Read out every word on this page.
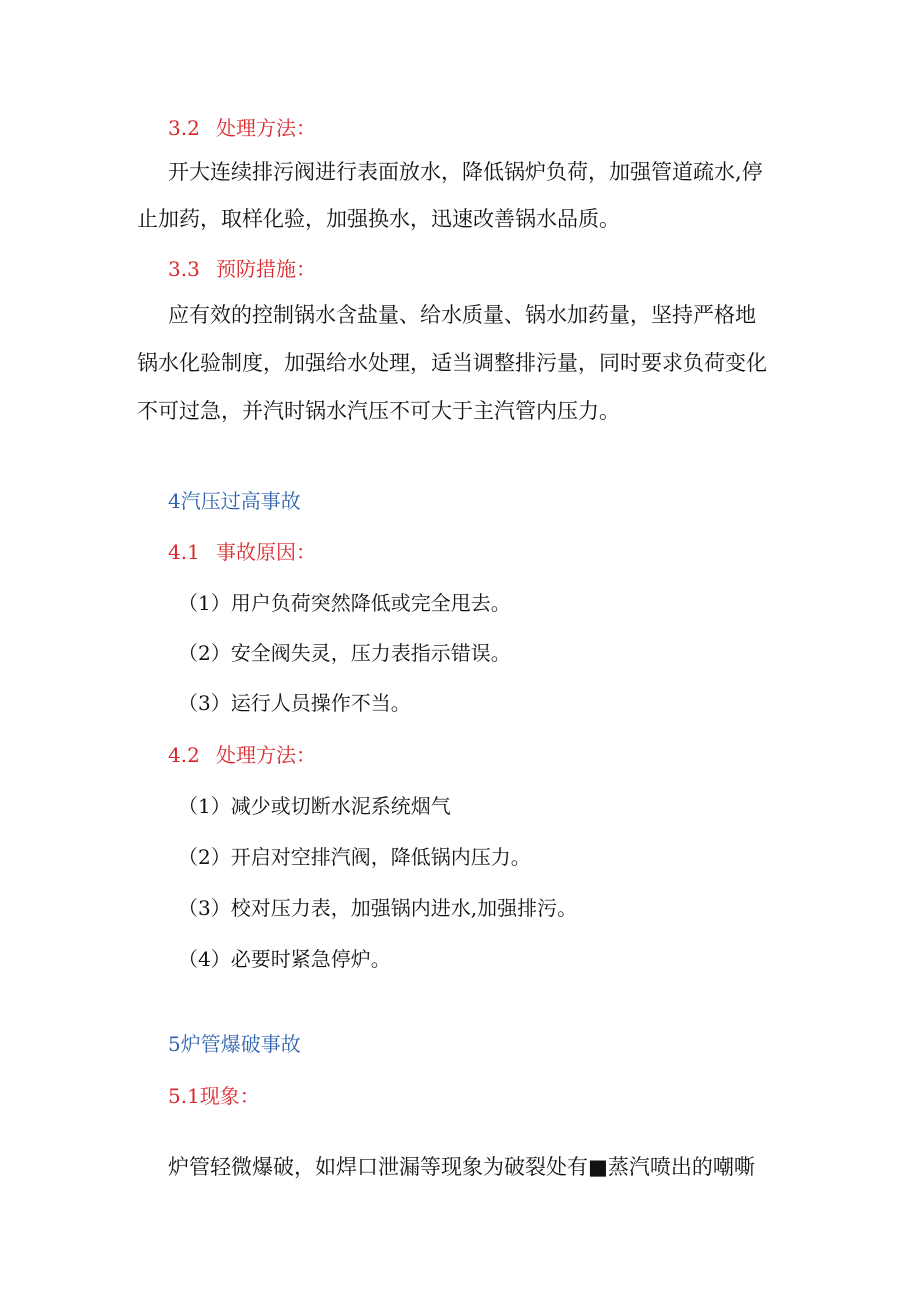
3.2 处理方法：
开大连续排污阀进行表面放水，降低锅炉负荷，加强管道疏水,停
止加药，取样化验，加强换水，迅速改善锅水品质。
3.3 预防措施：
应有效的控制锅水含盐量、给水质量、锅水加药量，坚持严格地
锅水化验制度，加强给水处理，适当调整排污量，同时要求负荷变化
不可过急，并汽时锅水汽压不可大于主汽管内压力。
4汽压过高事故
4.1 事故原因：
（1）用户负荷突然降低或完全甩去。
（2）安全阀失灵，压力表指示错误。
（3）运行人员操作不当。
4.2 处理方法：
（1）减少或切断水泥系统烟气
（2）开启对空排汽阀，降低锅内压力。
（3）校对压力表，加强锅内进水,加强排污。
（4）必要时紧急停炉。
5炉管爆破事故
5.1现象：
炉管轻微爆破，如焊口泄漏等现象为破裂处有■蒸汽喷出的嘲嘶
